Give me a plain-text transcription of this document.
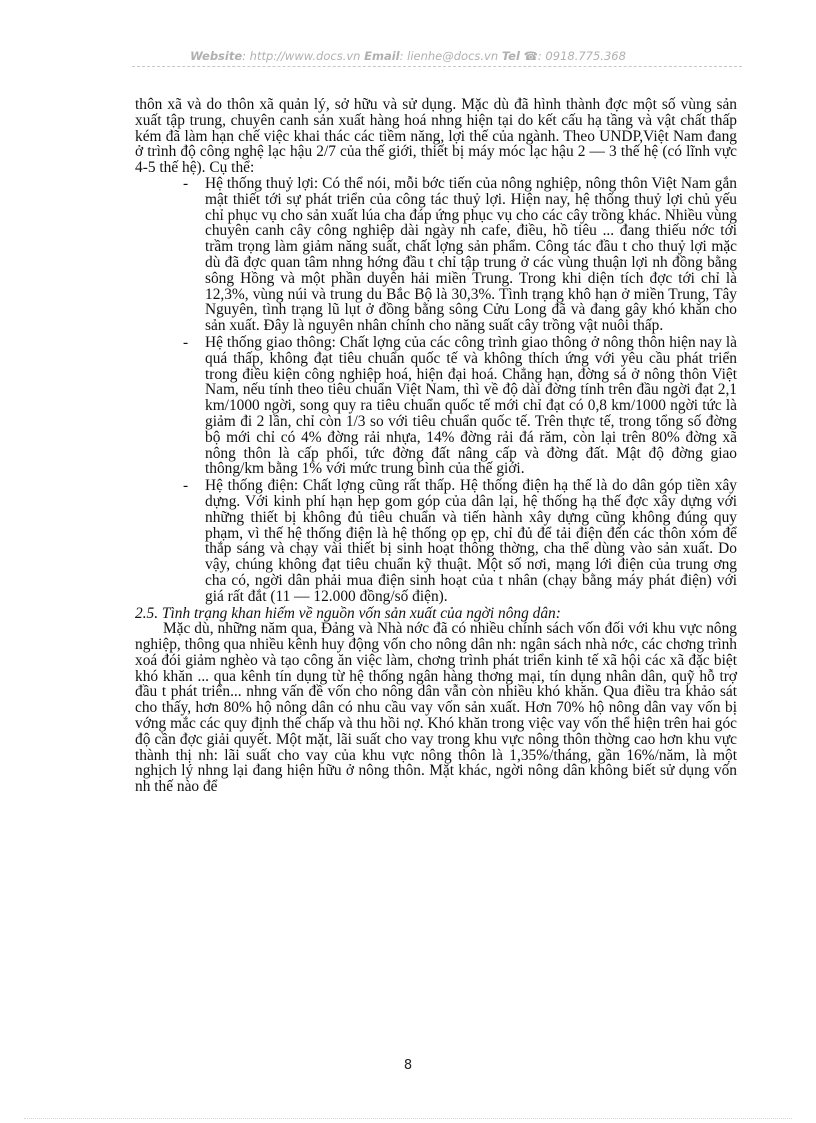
Website: http://www.docs.vn Email: lienhe@docs.vn Tel ☎: 0918.775.368

thôn xã và do thôn xã quản lý, sở hữu và sử dụng. Mặc dù đã hình thành đợc một số vùng sản xuất tập trung, chuyên canh sản xuất hàng hoá nhng hiện tại do kết cấu hạ tầng và vật chất thấp kém đã làm hạn chế việc khai thác các tiềm năng, lợi thế của ngành. Theo UNDP,Việt Nam đang ở trình độ công nghệ lạc hậu 2/7 của thế giới, thiết bị máy móc lạc hậu 2 — 3 thế hệ (có lĩnh vực 4-5 thế hệ). Cụ thể:

- Hệ thống thuỷ lợi: Có thể nói, mỗi bớc tiến của nông nghiệp, nông thôn Việt Nam gắn mật thiết tới sự phát triển của công tác thuỷ lợi. Hiện nay, hệ thống thuỷ lợi chủ yếu chỉ phục vụ cho sản xuất lúa cha đáp ứng phục vụ cho các cây trồng khác. Nhiều vùng chuyên canh cây công nghiệp dài ngày nh cafe, điều, hồ tiêu ... đang thiếu nớc tới trầm trọng làm giảm năng suất, chất lợng sản phẩm. Công tác đầu t cho thuỷ lợi mặc dù đã đợc quan tâm nhng hớng đầu t chỉ tập trung ở các vùng thuận lợi nh đồng bằng sông Hồng và một phần duyên hải miền Trung. Trong khi diện tích đợc tới chỉ là 12,3%, vùng núi và trung du Bắc Bộ là 30,3%. Tình trạng khô hạn ở miền Trung, Tây Nguyên, tình trạng lũ lụt ở đồng bằng sông Cửu Long đã và đang gây khó khăn cho sản xuất. Đây là nguyên nhân chính cho năng suất cây trồng vật nuôi thấp.
- Hệ thống giao thông: Chất lợng của các công trình giao thông ở nông thôn hiện nay là quá thấp, không đạt tiêu chuẩn quốc tế và không thích ứng với yêu cầu phát triển trong điều kiện công nghiệp hoá, hiện đại hoá. Chẳng hạn, đờng sá ở nông thôn Việt Nam, nếu tính theo tiêu chuẩn Việt Nam, thì về độ dài đờng tính trên đầu ngời đạt 2,1 km/1000 ngời, song quy ra tiêu chuẩn quốc tế mới chỉ đạt có 0,8 km/1000 ngời tức là giảm đi 2 lần, chỉ còn 1/3 so với tiêu chuẩn quốc tế. Trên thực tế, trong tổng số đờng bộ mới chỉ có 4% đờng rải nhựa, 14% đờng rải đá răm, còn lại trên 80% đờng xã nông thôn là cấp phối, tức đờng đất nâng cấp và đờng đất. Mật độ đờng giao thông/km bằng 1% với mức trung bình của thế giới.
- Hệ thống điện: Chất lợng cũng rất thấp. Hệ thống điện hạ thế là do dân góp tiền xây dựng. Với kinh phí hạn hẹp gom góp của dân lại, hệ thống hạ thế đợc xây dựng với những thiết bị không đủ tiêu chuẩn và tiến hành xây dựng cũng không đúng quy phạm, vì thế hệ thống điện là hệ thống ọp ẹp, chỉ đủ để tải điện đến các thôn xóm để thắp sáng và chạy vài thiết bị sinh hoạt thông thờng, cha thể dùng vào sản xuất. Do vậy, chúng không đạt tiêu chuẩn kỹ thuật. Một số nơi, mạng lới điện của trung ơng cha có, ngời dân phải mua điện sinh hoạt của t nhân (chạy bằng máy phát điện) với giá rất đắt (11 — 12.000 đồng/số điện).

2.5. Tình trạng khan hiếm về nguồn vốn sản xuất của ngời nông dân:

Mặc dù, những năm qua, Đảng và Nhà nớc đã có nhiều chính sách vốn đối với khu vực nông nghiệp, thông qua nhiều kênh huy động vốn cho nông dân nh: ngân sách nhà nớc, các chơng trình xoá đói giảm nghèo và tạo công ăn việc làm, chơng trình phát triển kinh tế xã hội các xã đặc biệt khó khăn ... qua kênh tín dụng từ hệ thống ngân hàng thơng mại, tín dụng nhân dân, quỹ hỗ trợ đầu t phát triển... nhng vấn đề vốn cho nông dân vẫn còn nhiều khó khăn. Qua điều tra khảo sát cho thấy, hơn 80% hộ nông dân có nhu cầu vay vốn sản xuất. Hơn 70% hộ nông dân vay vốn bị vớng mắc các quy định thế chấp và thu hồi nợ. Khó khăn trong việc vay vốn thể hiện trên hai góc độ cần đợc giải quyết. Một mặt, lãi suất cho vay trong khu vực nông thôn thờng cao hơn khu vực thành thị nh: lãi suất cho vay của khu vực nông thôn là 1,35%/tháng, gần 16%/năm, là một nghịch lý nhng lại đang hiện hữu ở nông thôn. Mặt khác, ngời nông dân không biết sử dụng vốn nh thế nào để

8
